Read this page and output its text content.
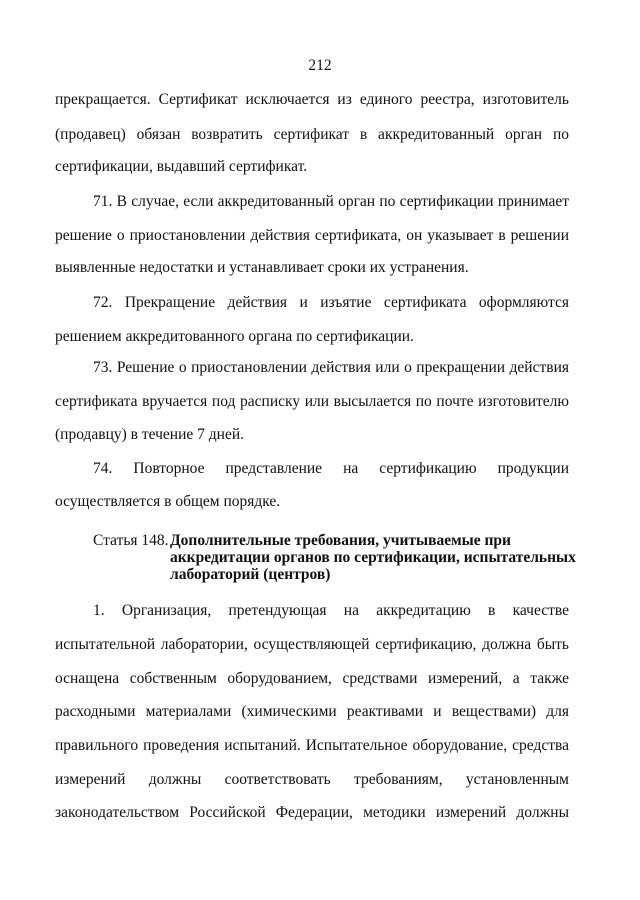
212
прекращается. Сертификат исключается из единого реестра, изготовитель
(продавец) обязан возвратить сертификат в аккредитованный орган по
сертификации, выдавший сертификат.
71. В случае, если аккредитованный орган по сертификации принимает
решение о приостановлении действия сертификата, он указывает в решении
выявленные недостатки и устанавливает сроки их устранения.
72. Прекращение действия и изъятие сертификата оформляются
решением аккредитованного органа по сертификации.
73. Решение о приостановлении действия или о прекращении действия
сертификата вручается под расписку или высылается по почте изготовителю
(продавцу) в течение 7 дней.
74. Повторное представление на сертификацию продукции
осуществляется в общем порядке.
Статья 148. Дополнительные требования, учитываемые при
аккредитации органов по сертификации, испытательных
лабораторий (центров)
1. Организация, претендующая на аккредитацию в качестве
испытательной лаборатории, осуществляющей сертификацию, должна быть
оснащена собственным оборудованием, средствами измерений, а также
расходными материалами (химическими реактивами и веществами) для
правильного проведения испытаний. Испытательное оборудование, средства
измерений должны соответствовать требованиям, установленным
законодательством Российской Федерации, методики измерений должны
